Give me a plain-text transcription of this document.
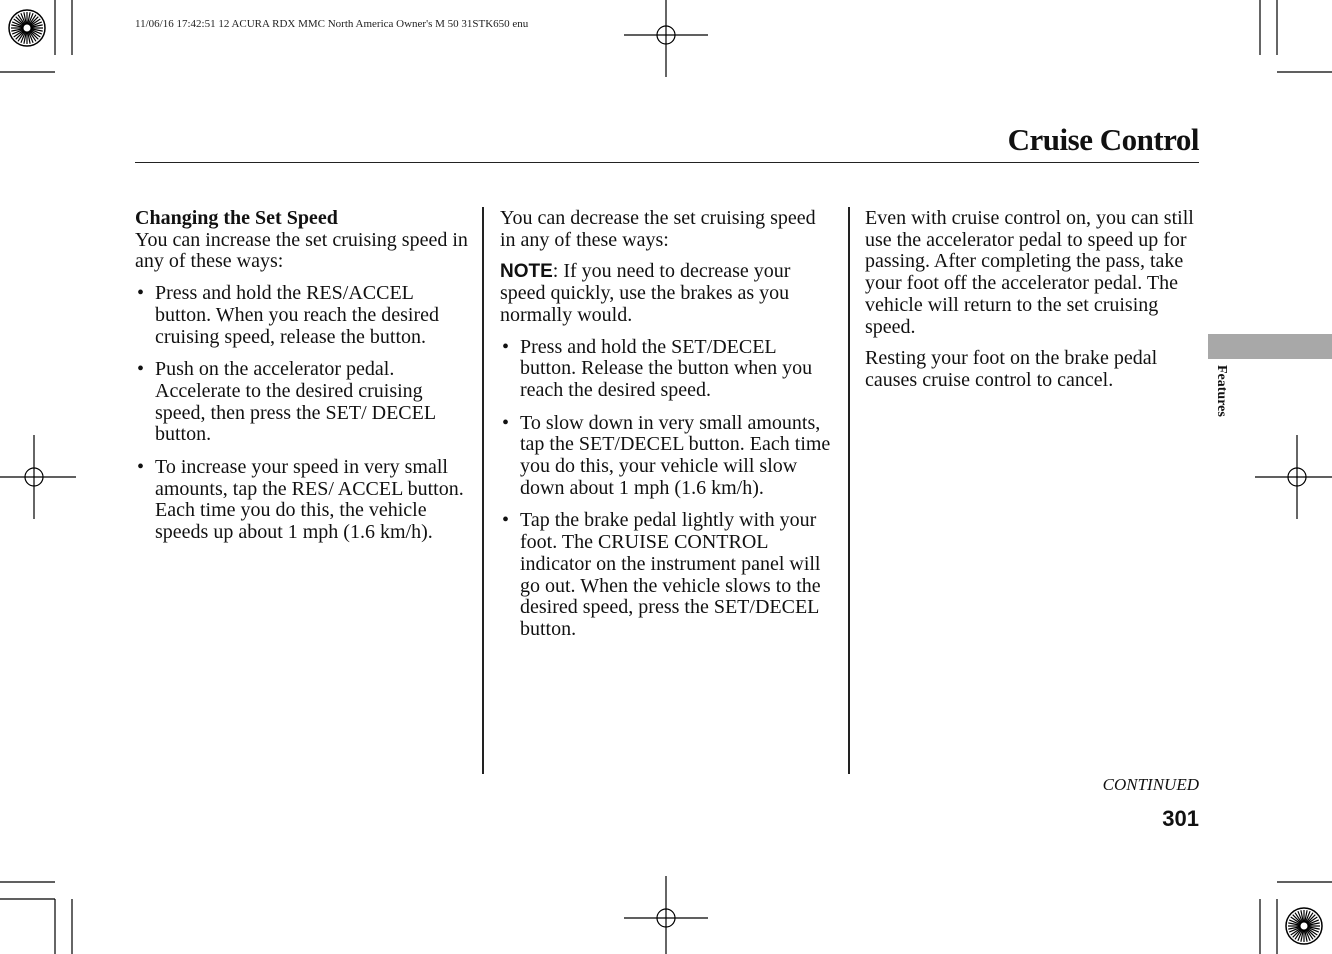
11/06/16 17:42:51 12 ACURA RDX MMC North America Owner's M 50 31STK650 enu
Cruise Control
Changing the Set Speed

You can increase the set cruising speed in any of these ways:

• Press and hold the RES/ACCEL button. When you reach the desired cruising speed, release the button.
• Push on the accelerator pedal. Accelerate to the desired cruising speed, then press the SET/ DECEL button.
• To increase your speed in very small amounts, tap the RES/ ACCEL button. Each time you do this, the vehicle speeds up about 1 mph (1.6 km/h).

You can decrease the set cruising speed in any of these ways:

NOTE: If you need to decrease your speed quickly, use the brakes as you normally would.

• Press and hold the SET/DECEL button. Release the button when you reach the desired speed.
• To slow down in very small amounts, tap the SET/DECEL button. Each time you do this, your vehicle will slow down about 1 mph (1.6 km/h).
• Tap the brake pedal lightly with your foot. The CRUISE CONTROL indicator on the instrument panel will go out. When the vehicle slows to the desired speed, press the SET/DECEL button.

Even with cruise control on, you can still use the accelerator pedal to speed up for passing. After completing the pass, take your foot off the accelerator pedal. The vehicle will return to the set cruising speed.

Resting your foot on the brake pedal causes cruise control to cancel.	Features
CONTINUED
301
